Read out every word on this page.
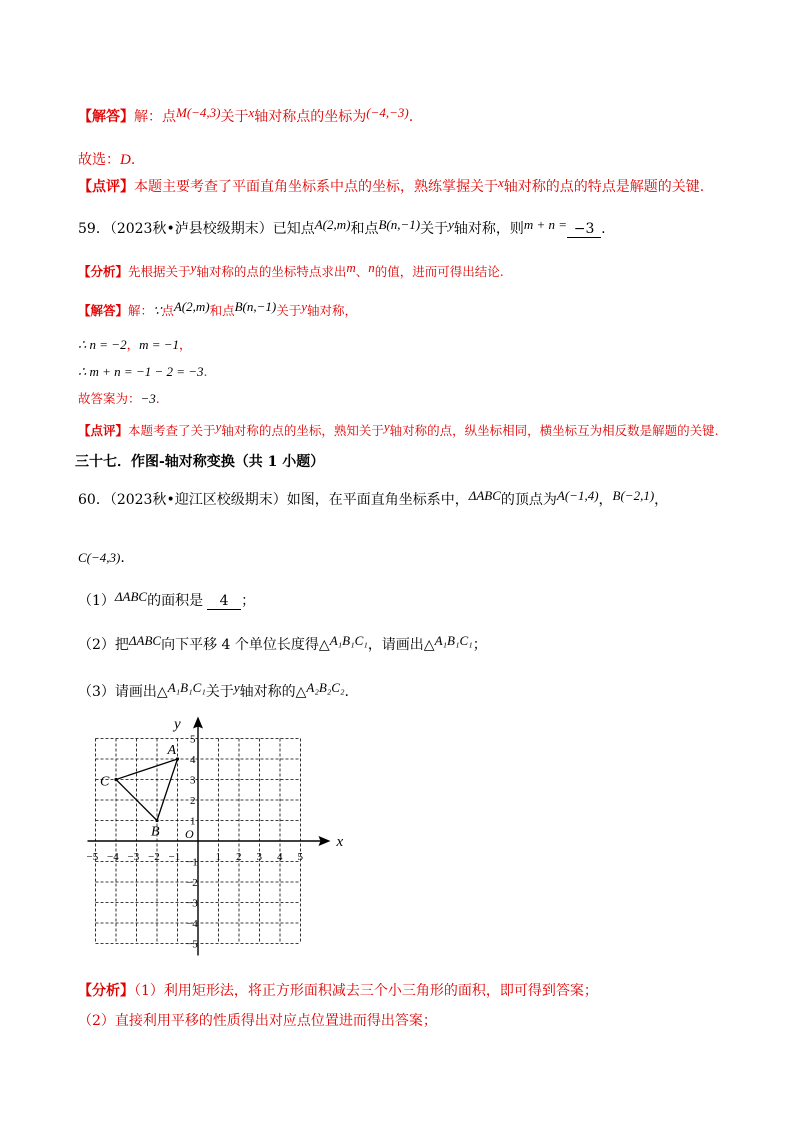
【解答】解：点M(−4,3)关于x轴对称点的坐标为(−4,−3).
故选：D.
【点评】本题主要考查了平面直角坐标系中点的坐标，熟练掌握关于x轴对称的点的特点是解题的关键.
59．（2023秋•泸县校级期末）已知点A(2,m)和点B(n,−1)关于y轴对称，则m + n = −3 .
【分析】先根据关于y轴对称的点的坐标特点求出m、n的值，进而可得出结论.
【解答】解：∵点A(2,m)和点B(n,−1)关于y轴对称，
∴ n = −2，m = −1，
∴ m + n = −1 − 2 = −3.
故答案为：−3.
【点评】本题考查了关于y轴对称的点的坐标，熟知关于y轴对称的点，纵坐标相同，横坐标互为相反数是解题的关键.
三十七．作图-轴对称变换（共 1 小题）
60．（2023秋•迎江区校级期末）如图，在平面直角坐标系中，ΔABC的顶点为A(−1,4)，B(−2,1)，
C(−4,3).
（1）ΔABC的面积是 4 ；
（2）把ΔABC向下平移 4 个单位长度得△A₁B₁C₁，请画出△A₁B₁C₁；
（3）请画出△A₁B₁C₁关于y轴对称的△A₂B₂C₂.
x
y
O
−5 −4 −3 −2 −1	1 2 3 4 5
5
4
3
2
1
−1
−2
−3
−4
−5
A
B
C
【分析】（1）利用矩形法，将正方形面积减去三个小三角形的面积，即可得到答案；
（2）直接利用平移的性质得出对应点位置进而得出答案；
